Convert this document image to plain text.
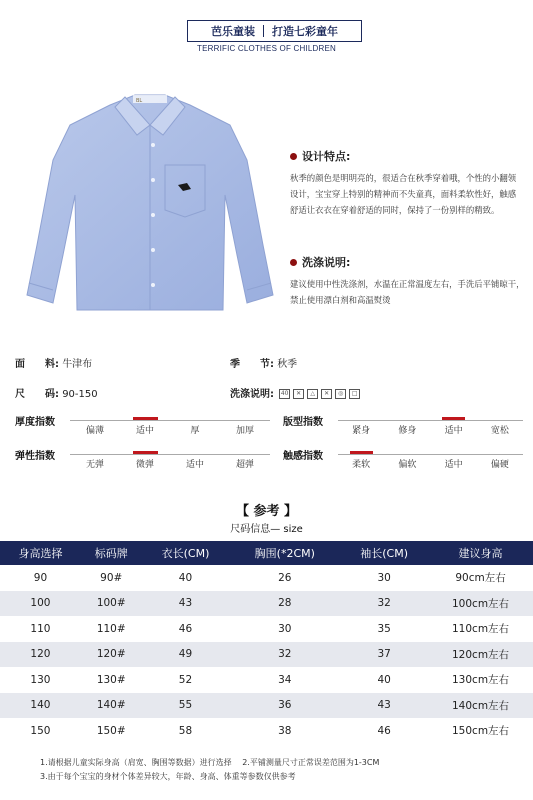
芭乐童装	打造七彩童年
TERRIFIC CLOTHES OF CHILDREN
BL
设计特点:
秋季的颜色是明明亮的，很适合在秋季穿着哦，个性的小翻领设计，宝宝穿上特别的精神而不失童真，面料柔软性好，触感舒适让衣衣在穿着舒适的同时，保持了一份别样的精致。
洗涤说明:
建议使用中性洗涤剂，水温在正常温度左右，手洗后平铺晾干，禁止使用漂白剂和高温熨烫
面　　料: 牛津布	季　　节: 秋季
尺　　码: 90-150	洗涤说明: 40	✕	△	✕	◎	□
厚度指数
偏薄	适中	厚	加厚
版型指数
紧身	修身	适中	宽松
弹性指数
无弹	微弹	适中	超弹
触感指数
柔软	偏软	适中	偏硬
【 参考 】
尺码信息— size
身高选择	标码牌	衣长(CM)	胸围(*2CM)	袖长(CM)	建议身高
90	90#	40	26	30	90cm左右
100	100#	43	28	32	100cm左右
110	110#	46	30	35	110cm左右
120	120#	49	32	37	120cm左右
130	130#	52	34	40	130cm左右
140	140#	55	36	43	140cm左右
150	150#	58	38	46	150cm左右
1.请根据儿童实际身高（肩宽、胸围等数据）进行选择 2.平铺测量尺寸正常误差范围为1-3CM
3.由于每个宝宝的身材个体差异较大，年龄、身高、体重等参数仅供参考
